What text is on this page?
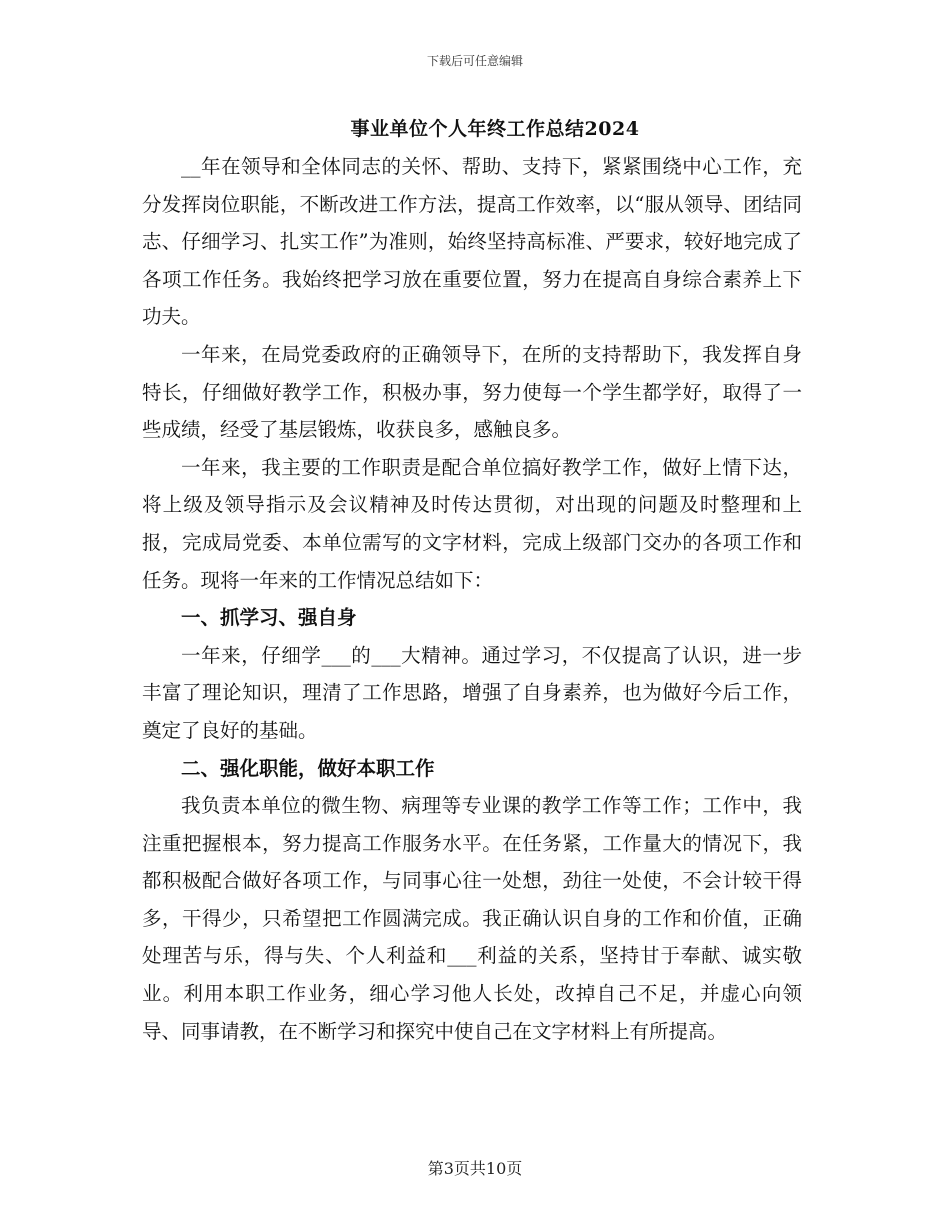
下载后可任意编辑
事业单位个人年终工作总结2024

__年在领导和全体同志的关怀、帮助、支持下，紧紧围绕中心工作，充分发挥岗位职能，不断改进工作方法，提高工作效率，以“服从领导、团结同志、仔细学习、扎实工作”为准则，始终坚持高标准、严要求，较好地完成了各项工作任务。我始终把学习放在重要位置，努力在提高自身综合素养上下功夫。

一年来，在局党委政府的正确领导下，在所的支持帮助下，我发挥自身特长，仔细做好教学工作，积极办事，努力使每一个学生都学好，取得了一些成绩，经受了基层锻炼，收获良多，感触良多。

一年来，我主要的工作职责是配合单位搞好教学工作，做好上情下达，将上级及领导指示及会议精神及时传达贯彻，对出现的问题及时整理和上报，完成局党委、本单位需写的文字材料，完成上级部门交办的各项工作和任务。现将一年来的工作情况总结如下：

一、抓学习、强自身

一年来，仔细学___的___大精神。通过学习，不仅提高了认识，进一步丰富了理论知识，理清了工作思路，增强了自身素养，也为做好今后工作，奠定了良好的基础。

二、强化职能，做好本职工作

我负责本单位的微生物、病理等专业课的教学工作等工作；工作中，我注重把握根本，努力提高工作服务水平。在任务紧，工作量大的情况下，我都积极配合做好各项工作，与同事心往一处想，劲往一处使，不会计较干得多，干得少，只希望把工作圆满完成。我正确认识自身的工作和价值，正确处理苦与乐，得与失、个人利益和___利益的关系，坚持甘于奉献、诚实敬业。利用本职工作业务，细心学习他人长处，改掉自己不足，并虚心向领导、同事请教，在不断学习和探究中使自己在文字材料上有所提高。

第3页共10页
